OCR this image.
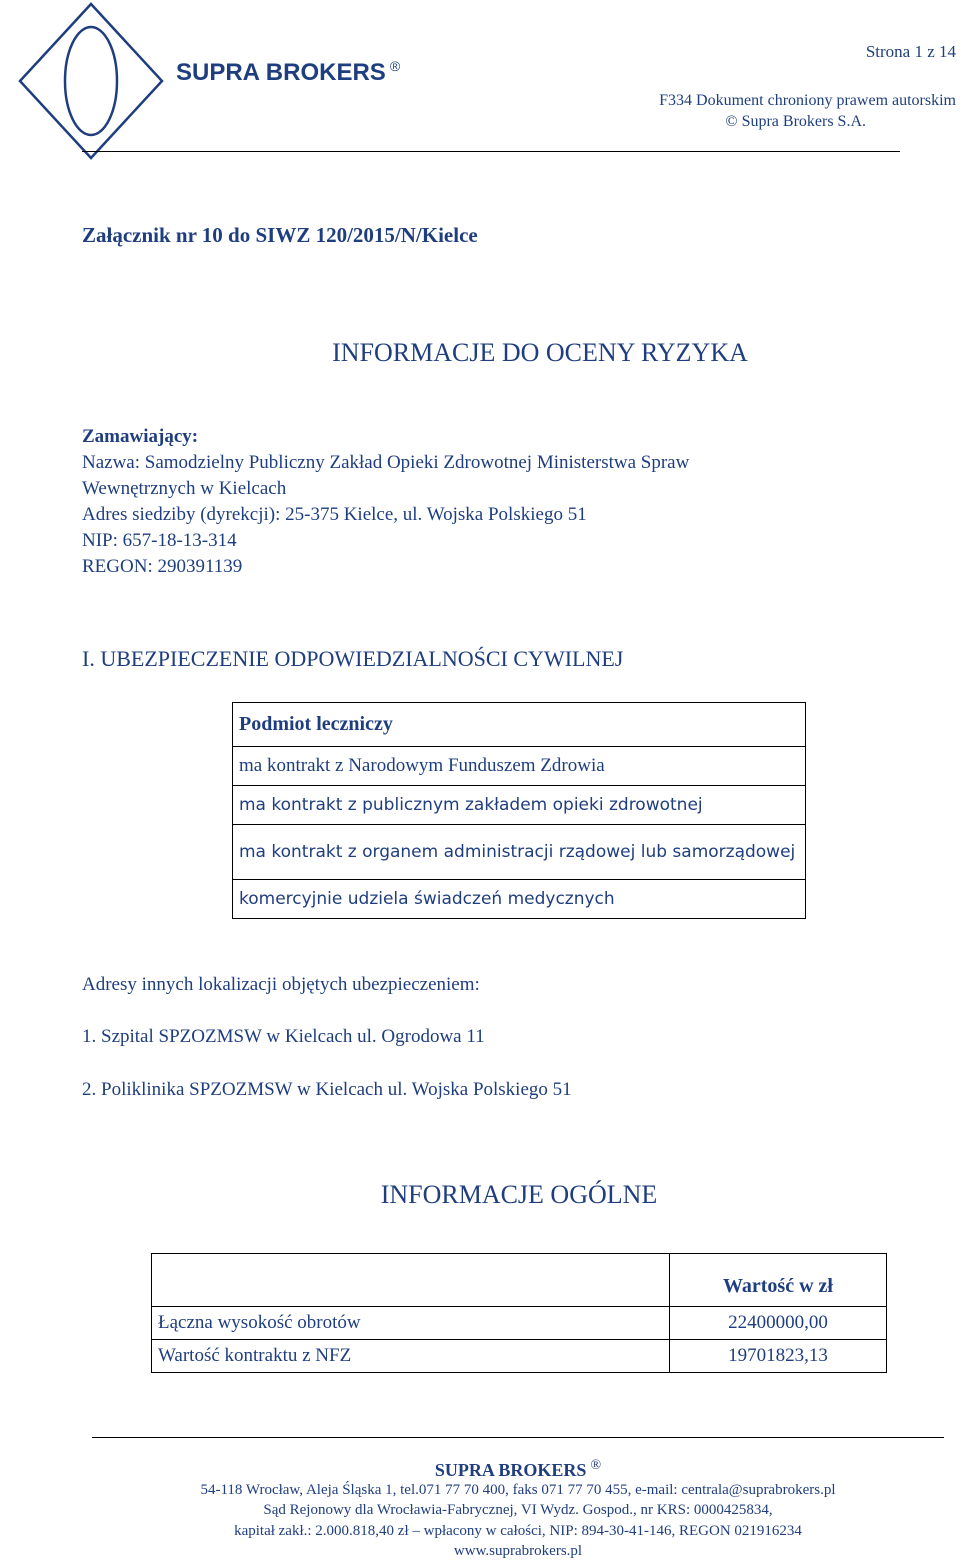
SUPRA BROKERS ®
Strona 1 z 14
F334 Dokument chroniony prawem autorskim
© Supra Brokers S.A.
Załącznik nr 10 do SIWZ 120/2015/N/Kielce
INFORMACJE DO OCENY RYZYKA
Zamawiający:
Nazwa: Samodzielny Publiczny Zakład Opieki Zdrowotnej Ministerstwa Spraw
Wewnętrznych w Kielcach
Adres siedziby (dyrekcji): 25-375 Kielce, ul. Wojska Polskiego 51
NIP: 657-18-13-314
REGON: 290391139
I. UBEZPIECZENIE ODPOWIEDZIALNOŚCI CYWILNEJ
Podmiot leczniczy
ma kontrakt z Narodowym Funduszem Zdrowia
ma kontrakt z publicznym zakładem opieki zdrowotnej
ma kontrakt z organem administracji rządowej lub samorządowej
komercyjnie udziela świadczeń medycznych
Adresy innych lokalizacji objętych ubezpieczeniem:
1. Szpital SPZOZMSW w Kielcach ul. Ogrodowa 11
2. Poliklinika SPZOZMSW w Kielcach ul. Wojska Polskiego 51
INFORMACJE OGÓLNE
	Wartość w zł
Łączna wysokość obrotów	22400000,00
Wartość kontraktu z NFZ	19701823,13
SUPRA BROKERS ®
54-118 Wrocław, Aleja Śląska 1, tel.071 77 70 400, faks 071 77 70 455, e-mail: centrala@suprabrokers.pl
Sąd Rejonowy dla Wrocławia-Fabrycznej, VI Wydz. Gospod., nr KRS: 0000425834,
kapitał zakł.: 2.000.818,40 zł – wpłacony w całości, NIP: 894-30-41-146, REGON 021916234
www.suprabrokers.pl
